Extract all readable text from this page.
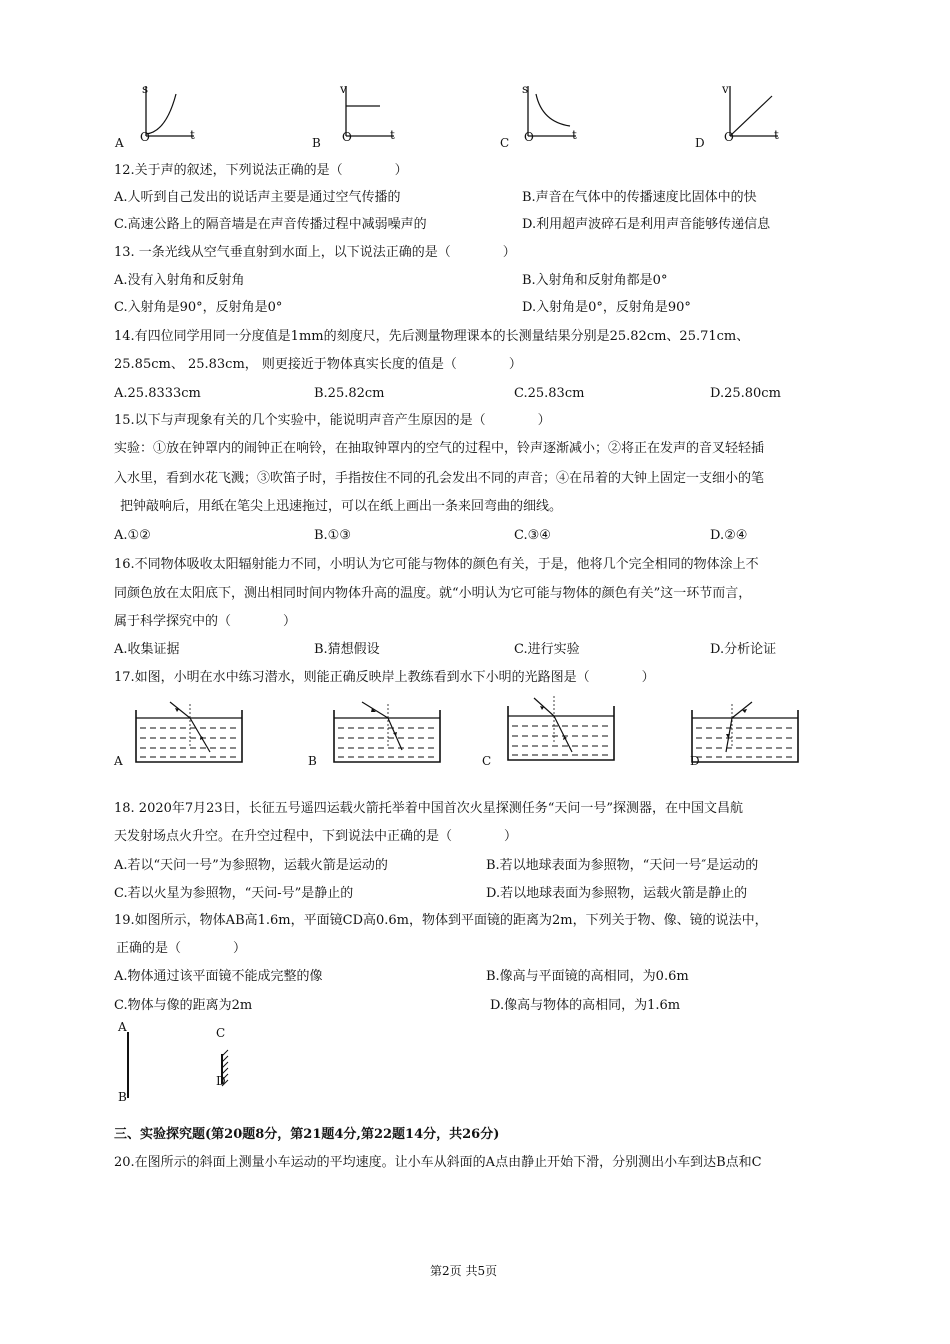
s
O	t
A
v
O	t
B
s
O	t
C
v
O	t
D
12.关于声的叙述，下列说法正确的是（　　　　）
A.人听到自己发出的说话声主要是通过空气传播的	B.声音在气体中的传播速度比固体中的快
C.高速公路上的隔音墙是在声音传播过程中减弱噪声的	D.利用超声波碎石是利用声音能够传递信息
13. 一条光线从空气垂直射到水面上，以下说法正确的是（　　　　）
A.没有入射角和反射角	B.入射角和反射角都是0°
C.入射角是90°，反射角是0°	D.入射角是0°，反射角是90°
14.有四位同学用同一分度值是1mm的刻度尺，先后测量物理课本的长测量结果分别是25.82cm、25.71cm、
25.85cm、 25.83cm， 则更接近于物体真实长度的值是（　　　　）
A.25.8333cm	B.25.82cm	C.25.83cm	D.25.80cm
15.以下与声现象有关的几个实验中，能说明声音产生原因的是（　　　　）
实验：①放在钟罩内的闹钟正在响铃，在抽取钟罩内的空气的过程中，铃声逐渐减小；②将正在发声的音叉轻轻插
入水里，看到水花飞溅；③吹笛子时，手指按住不同的孔会发出不同的声音；④在吊着的大钟上固定一支细小的笔
把钟敲响后，用纸在笔尖上迅速拖过，可以在纸上画出一条来回弯曲的细线。
A.①②	B.①③	C.③④	D.②④
16.不同物体吸收太阳辐射能力不同，小明认为它可能与物体的颜色有关，于是，他将几个完全相同的物体涂上不
同颜色放在太阳底下，测出相同时间内物体升高的温度。就“小明认为它可能与物体的颜色有关”这一环节而言，
属于科学探究中的（　　　　）
A.收集证据	B.猜想假设	C.进行实验	D.分析论证
17.如图，小明在水中练习潜水，则能正确反映岸上教练看到水下小明的光路图是（　　　　）
A	B	C	D
18. 2020年7月23日，长征五号遥四运载火箭托举着中国首次火星探测任务“天问一号”探测器，在中国文昌航
天发射场点火升空。在升空过程中，下到说法中正确的是（　　　　）
A.若以“天问一号”为参照物，运载火箭是运动的	B.若以地球表面为参照物，“天问一号″是运动的
C.若以火星为参照物，“天问-号”是静止的	D.若以地球表面为参照物，运载火箭是静止的
19.如图所示，物体AB高1.6m，平面镜CD高0.6m，物体到平面镜的距离为2m，下列关于物、像、镜的说法中，
正确的是（　　　　）
A.物体通过该平面镜不能成完整的像	B.像高与平面镜的高相同，为0.6m
C.物体与像的距离为2m	D.像高与物体的高相同，为1.6m
A
B
C
D
三、实验探究题(第20题8分，第21题4分,第22题14分，共26分)
20.在图所示的斜面上测量小车运动的平均速度。让小车从斜面的A点由静止开始下滑，分别测出小车到达B点和C
第2页 共5页
